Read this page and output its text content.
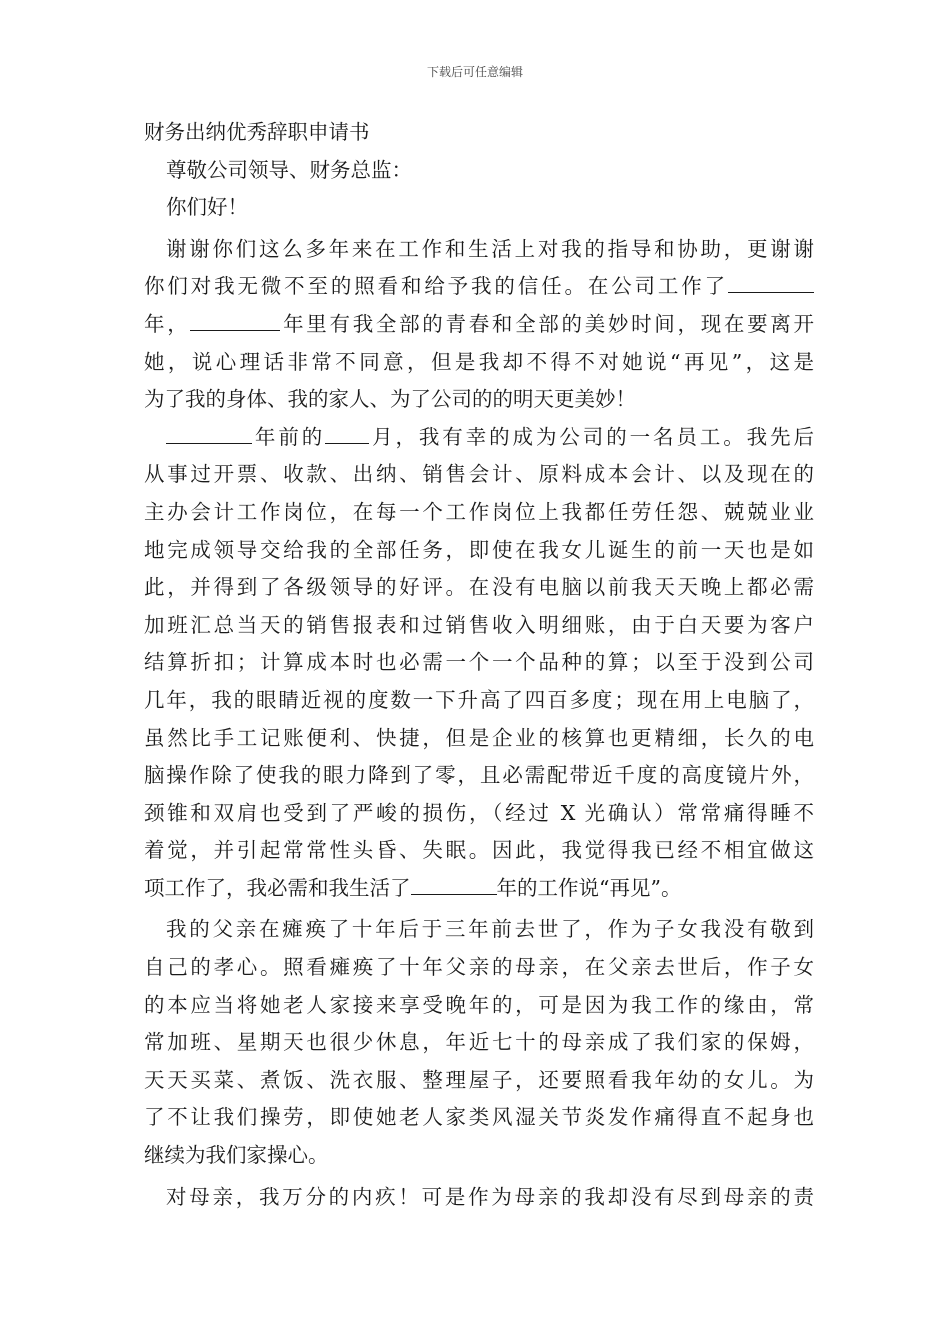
下载后可任意编辑
财务出纳优秀辞职申请书
尊敬公司领导、财务总监：
你们好！
谢谢你们这么多年来在工作和生活上对我的指导和协助，更谢谢
你们对我无微不至的照看和给予我的信任。在公司工作了
年，	年里有我全部的青春和全部的美妙时间，现在要离开
她，说心理话非常不同意，但是我却不得不对她说“再见”，这是
为了我的身体、我的家人、为了公司的的明天更美妙！
年前的 月，我有幸的成为公司的一名员工。我先后
从事过开票、收款、出纳、销售会计、原料成本会计、以及现在的
主办会计工作岗位，在每一个工作岗位上我都任劳任怨、兢兢业业
地完成领导交给我的全部任务，即使在我女儿诞生的前一天也是如
此，并得到了各级领导的好评。在没有电脑以前我天天晚上都必需
加班汇总当天的销售报表和过销售收入明细账，由于白天要为客户
结算折扣；计算成本时也必需一个一个品种的算；以至于没到公司
几年，我的眼睛近视的度数一下升高了四百多度；现在用上电脑了，
虽然比手工记账便利、快捷，但是企业的核算也更精细，长久的电
脑操作除了使我的眼力降到了零，且必需配带近千度的高度镜片外，
颈锥和双肩也受到了严峻的损伤，（经过 X 光确认）常常痛得睡不
着觉，并引起常常性头昏、失眠。因此，我觉得我已经不相宜做这
项工作了，我必需和我生活了	年的工作说“再见”。
我的父亲在瘫痪了十年后于三年前去世了，作为子女我没有敬到
自己的孝心。照看瘫痪了十年父亲的母亲，在父亲去世后，作子女
的本应当将她老人家接来享受晚年的，可是因为我工作的缘由，常
常加班、星期天也很少休息，年近七十的母亲成了我们家的保姆，
天天买菜、煮饭、洗衣服、整理屋子，还要照看我年幼的女儿。为
了不让我们操劳，即使她老人家类风湿关节炎发作痛得直不起身也
继续为我们家操心。
对母亲，我万分的内疚！可是作为母亲的我却没有尽到母亲的责
